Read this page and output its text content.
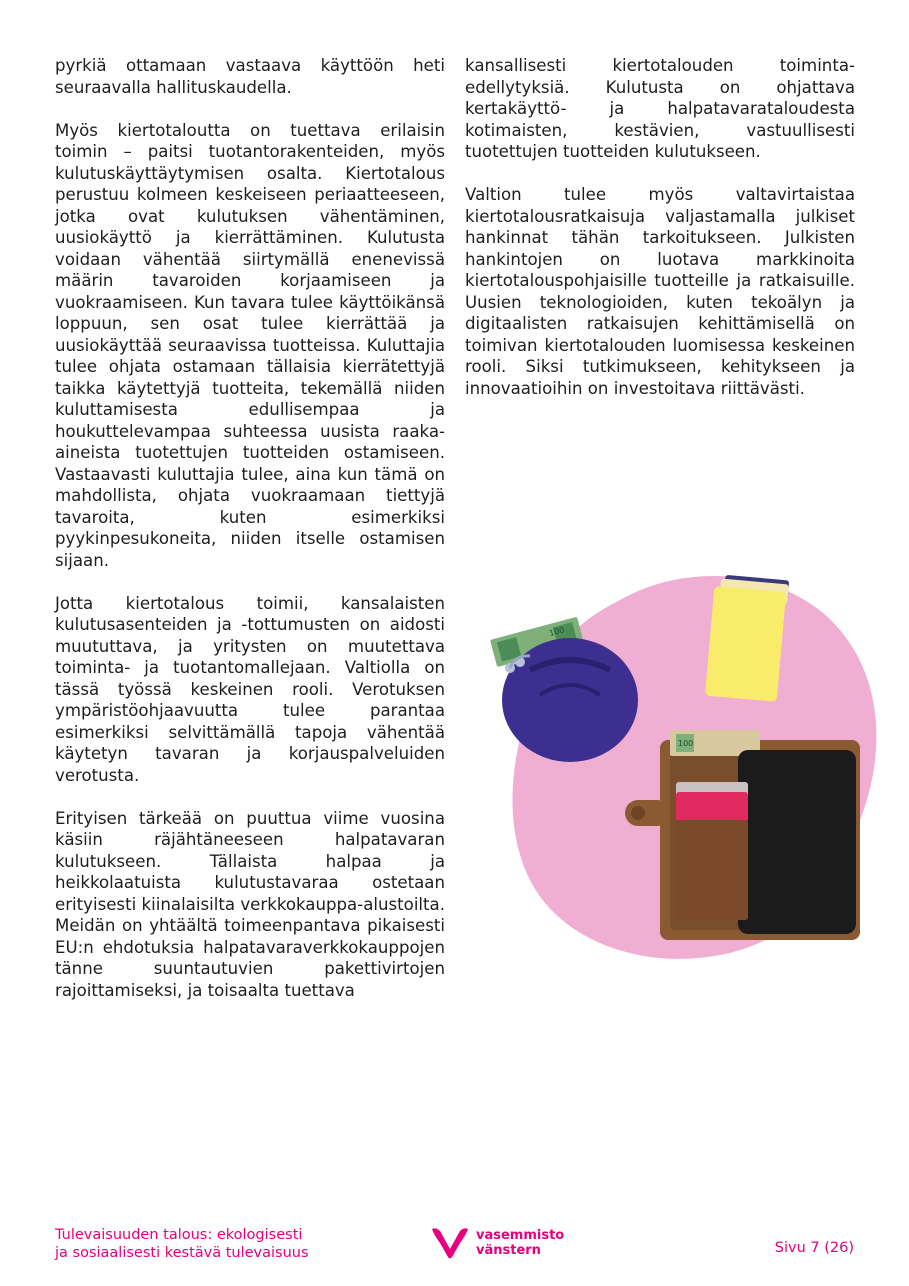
pyrkiä ottamaan vastaava käyttöön heti seuraavalla hallituskaudella.

Myös kiertotaloutta on tuettava erilaisin toimin – paitsi tuotantorakenteiden, myös kulutuskäyttäytymisen osalta. Kiertotalous perustuu kolmeen keskeiseen periaatteeseen, jotka ovat kulutuksen vähentäminen, uusiokäyttö ja kierrättäminen. Kulutusta voidaan vähentää siirtymällä enenevissä määrin tavaroiden korjaamiseen ja vuokraamiseen. Kun tavara tulee käyttöikänsä loppuun, sen osat tulee kierrättää ja uusiokäyttää seuraavissa tuotteissa. Kuluttajia tulee ohjata ostamaan tällaisia kierrätettyjä taikka käytettyjä tuotteita, tekemällä niiden kuluttamisesta edullisempaa ja houkuttelevampaa suhteessa uusista raaka-aineista tuotettujen tuotteiden ostamiseen. Vastaavasti kuluttajia tulee, aina kun tämä on mahdollista, ohjata vuokraamaan tiettyjä tavaroita, kuten esimerkiksi pyykinpesukoneita, niiden itselle ostamisen sijaan.

Jotta kiertotalous toimii, kansalaisten kulutusasenteiden ja -tottumusten on aidosti muututtava, ja yritysten on muutettava toiminta- ja tuotantomallejaan. Valtiolla on tässä työssä keskeinen rooli. Verotuksen ympäristöohjaavuutta tulee parantaa esimerkiksi selvittämällä tapoja vähentää käytetyn tavaran ja korjauspalveluiden verotusta.

Erityisen tärkeää on puuttua viime vuosina käsiin räjähtäneeseen halpatavaran kulutukseen. Tällaista halpaa ja heikkolaatuista kulutustavaraa ostetaan erityisesti kiinalaisilta verkkokauppa-alustoilta. Meidän on yhtäältä toimeenpantava pikaisesti EU:n ehdotuksia halpatavaraverkkokauppojen tänne suuntautuvien pakettivirtojen rajoittamiseksi, ja toisaalta tuettava

kansallisesti kiertotalouden toimintaedellytyksiä. Kulutusta on ohjattava kertakäyttö- ja halpatavarataloudesta kotimaisten, kestävien, vastuullisesti tuotettujen tuotteiden kulutukseen.

Valtion tulee myös valtavirtaistaa kiertotalousratkaisuja valjastamalla julkiset hankinnat tähän tarkoitukseen. Julkisten hankintojen on luotava markkinoita kiertotalouspohjaisille tuotteille ja ratkaisuille. Uusien teknologioiden, kuten tekoälyn ja digitaalisten ratkaisujen kehittämisellä on toimivan kiertotalouden luomisessa keskeinen rooli. Siksi tutkimukseen, kehitykseen ja innovaatioihin on investoitava riittävästi.

100
100
Tulevaisuuden talous: ekologisesti
ja sosiaalisesti kestävä tulevaisuus
vasemmisto
vänstern	Sivu 7 (26)
